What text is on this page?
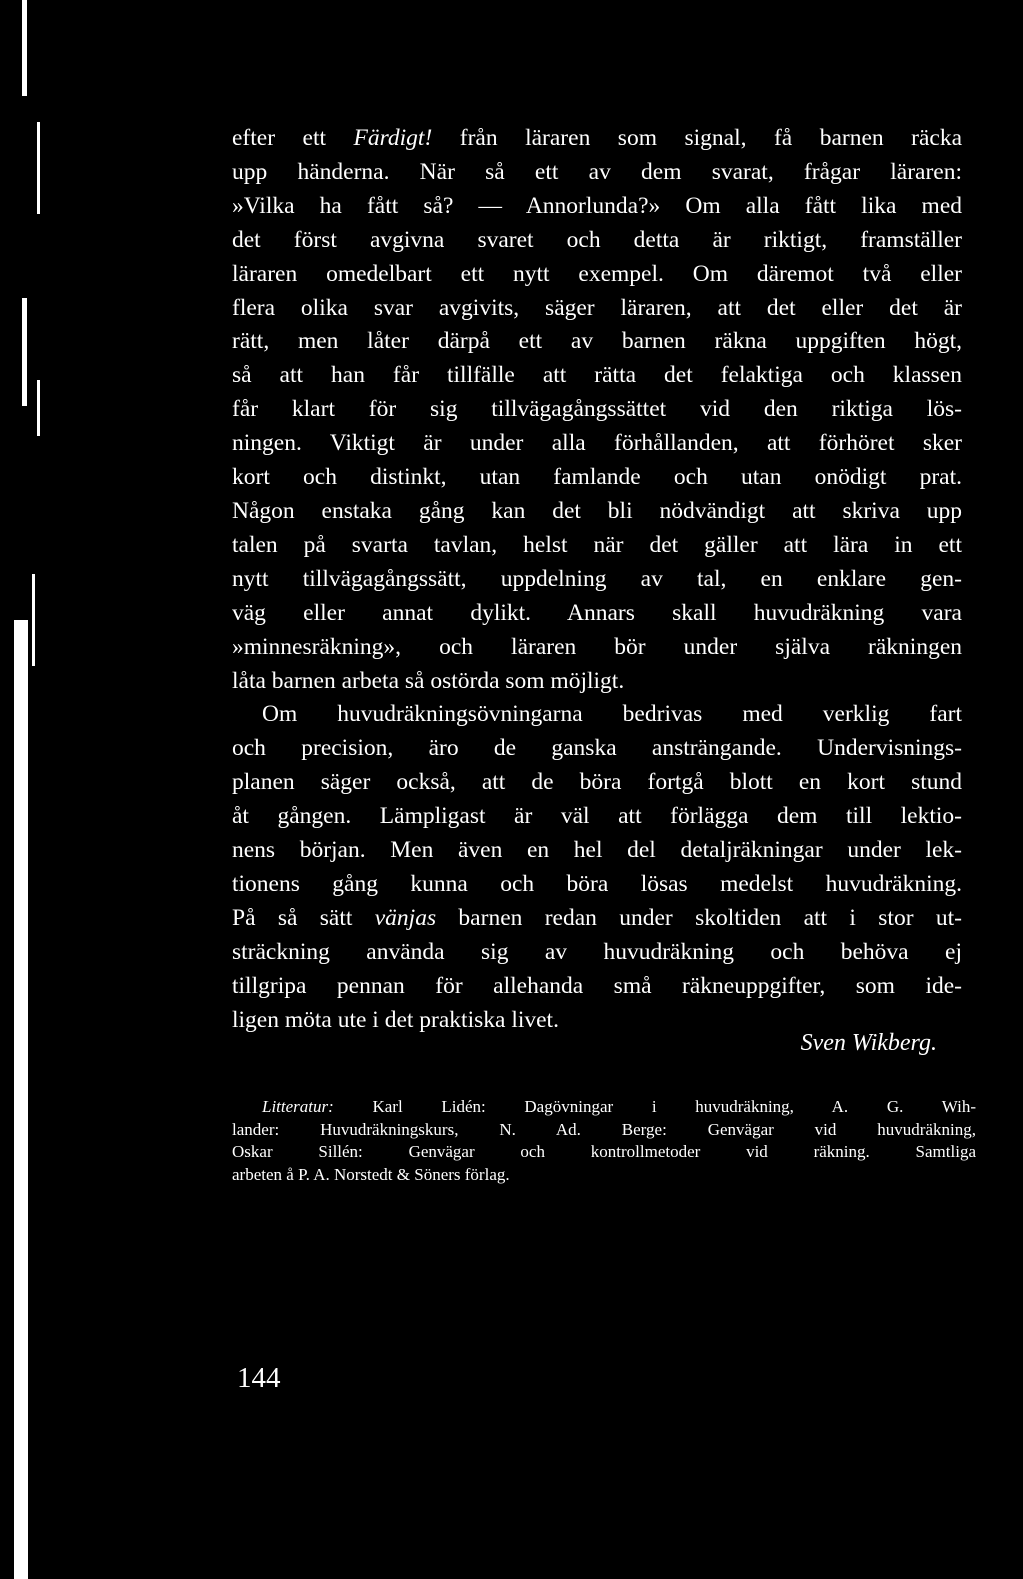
efter ett Färdigt! från läraren som signal, få barnen räcka
upp händerna. När så ett av dem svarat, frågar läraren:
»Vilka ha fått så? — Annorlunda?» Om alla fått lika med
det först avgivna svaret och detta är riktigt, framställer
läraren omedelbart ett nytt exempel. Om däremot två eller
flera olika svar avgivits, säger läraren, att det eller det är
rätt, men låter därpå ett av barnen räkna uppgiften högt,
så att han får tillfälle att rätta det felaktiga och klassen
får klart för sig tillvägagångssättet vid den riktiga lös-
ningen. Viktigt är under alla förhållanden, att förhöret sker
kort och distinkt, utan famlande och utan onödigt prat.
Någon enstaka gång kan det bli nödvändigt att skriva upp
talen på svarta tavlan, helst när det gäller att lära in ett
nytt tillvägagångssätt, uppdelning av tal, en enklare gen-
väg eller annat dylikt. Annars skall huvudräkning vara
»minnesräkning», och läraren bör under själva räkningen
låta barnen arbeta så ostörda som möjligt.
Om huvudräkningsövningarna bedrivas med verklig fart
och precision, äro de ganska ansträngande. Undervisnings-
planen säger också, att de böra fortgå blott en kort stund
åt gången. Lämpligast är väl att förlägga dem till lektio-
nens början. Men även en hel del detaljräkningar under lek-
tionens gång kunna och böra lösas medelst huvudräkning.
På så sätt vänjas barnen redan under skoltiden att i stor ut-
sträckning använda sig av huvudräkning och behöva ej
tillgripa pennan för allehanda små räkneuppgifter, som ide-
ligen möta ute i det praktiska livet.
Sven Wikberg.
Litteratur: Karl Lidén: Dagövningar i huvudräkning, A. G. Wih-
lander: Huvudräkningskurs, N. Ad. Berge: Genvägar vid huvudräkning,
Oskar Sillén: Genvägar och kontrollmetoder vid räkning. Samtliga
arbeten å P. A. Norstedt & Söners förlag.
144
